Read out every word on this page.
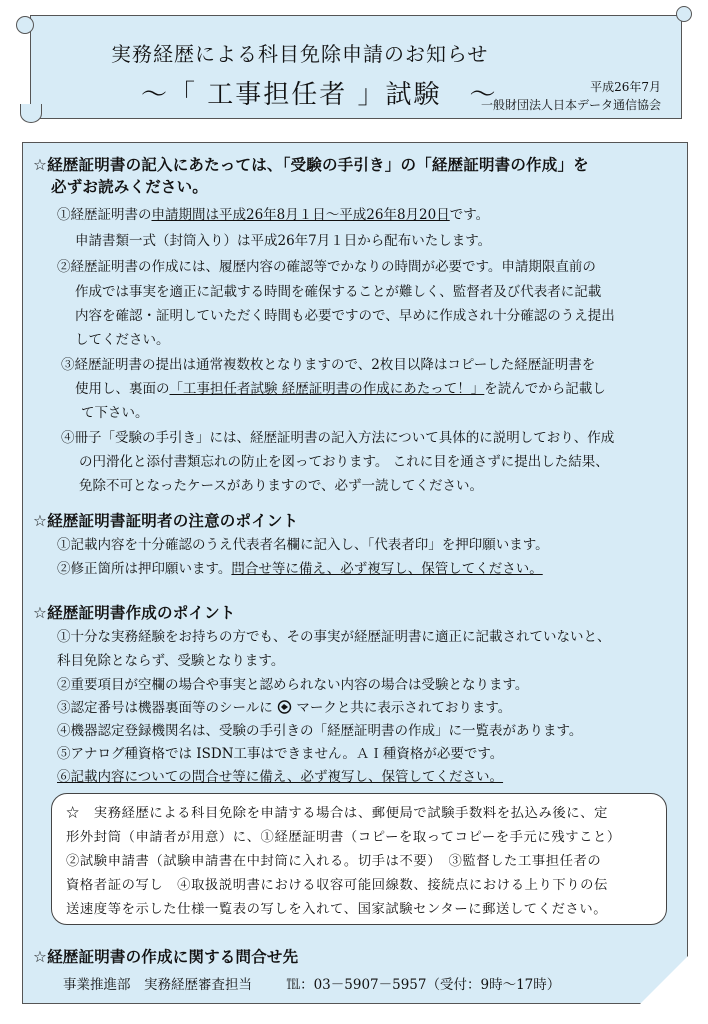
実務経歴による科目免除申請のお知らせ
～「 工事担任者 」試験　～	平成26年7月
一般財団法人日本データ通信協会
☆経歴証明書の記入にあたっては、「受験の手引き」の「経歴証明書の作成」を
必ずお読みください。
①経歴証明書の申請期間は平成26年8月１日～平成26年8月20日です。
申請書類一式（封筒入り）は平成26年7月１日から配布いたします。
②経歴証明書の作成には、履歴内容の確認等でかなりの時間が必要です。申請期限直前の
作成では事実を適正に記載する時間を確保することが難しく、監督者及び代表者に記載
内容を確認・証明していただく時間も必要ですので、早めに作成され十分確認のうえ提出
してください。
③経歴証明書の提出は通常複数枚となりますので、2枚目以降はコピーした経歴証明書を
使用し、裏面の「工事担任者試験 経歴証明書の作成にあたって！」を読んでから記載し
て下さい。
④冊子「受験の手引き」には、経歴証明書の記入方法について具体的に説明しており、作成
の円滑化と添付書類忘れの防止を図っております。 これに目を通さずに提出した結果、
免除不可となったケースがありますので、必ず一読してください。
☆経歴証明書証明者の注意のポイント
①記載内容を十分確認のうえ代表者名欄に記入し、「代表者印」を押印願います。
②修正箇所は押印願います。問合せ等に備え、必ず複写し、保管してください。
☆経歴証明書作成のポイント
①十分な実務経験をお持ちの方でも、その事実が経歴証明書に適正に記載されていないと、
科目免除とならず、受験となります。
②重要項目が空欄の場合や事実と認められない内容の場合は受験となります。
③認定番号は機器裏面等のシールに マークと共に表示されております。
④機器認定登録機関名は、受験の手引きの「経歴証明書の作成」に一覧表があります。
⑤アナログ種資格では ISDN工事はできません。ＡＩ種資格が必要です。
⑥記載内容についての問合せ等に備え、必ず複写し、保管してください。
☆　実務経歴による科目免除を申請する場合は、郵便局で試験手数料を払込み後に、定
形外封筒（申請者が用意）に、①経歴証明書（コピーを取ってコピーを手元に残すこと）
②試験申請書（試験申請書在中封筒に入れる。切手は不要）　③監督した工事担任者の
資格者証の写し　④取扱説明書における収容可能回線数、接続点における上り下りの伝
送速度等を示した仕様一覧表の写しを入れて、国家試験センターに郵送してください。
☆経歴証明書の作成に関する問合せ先
事業推進部　実務経歴審査担当	℡：03－5907－5957（受付：9時～17時）
